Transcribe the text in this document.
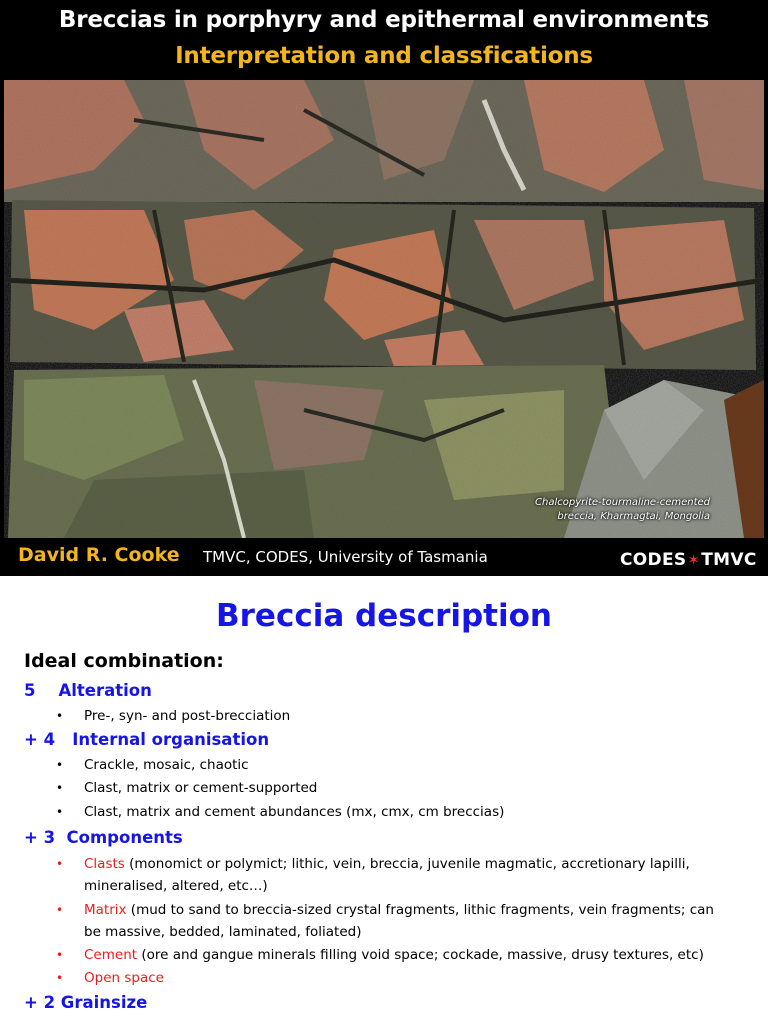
Breccias in porphyry and epithermal environments
Interpretation and classfications
Chalcopyrite-tourmaline-cemented
breccia, Kharmagtai, Mongolia
David R. Cooke TMVC, CODES, University of Tasmania	CODES✶TMVC
Breccia description
Ideal combination:
5    Alteration
• Pre-, syn- and post-brecciation
+ 4   Internal organisation
• Crackle, mosaic, chaotic
• Clast, matrix or cement-supported
• Clast, matrix and cement abundances (mx, cmx, cm breccias)
+ 3  Components
• Clasts (monomict or polymict; lithic, vein, breccia, juvenile magmatic, accretionary lapilli,
mineralised, altered, etc…)
• Matrix (mud to sand to breccia-sized crystal fragments, lithic fragments, vein fragments; can
be massive, bedded, laminated, foliated)
• Cement (ore and gangue minerals filling void space; cockade, massive, drusy textures, etc)
• Open space
+ 2 Grainsize
